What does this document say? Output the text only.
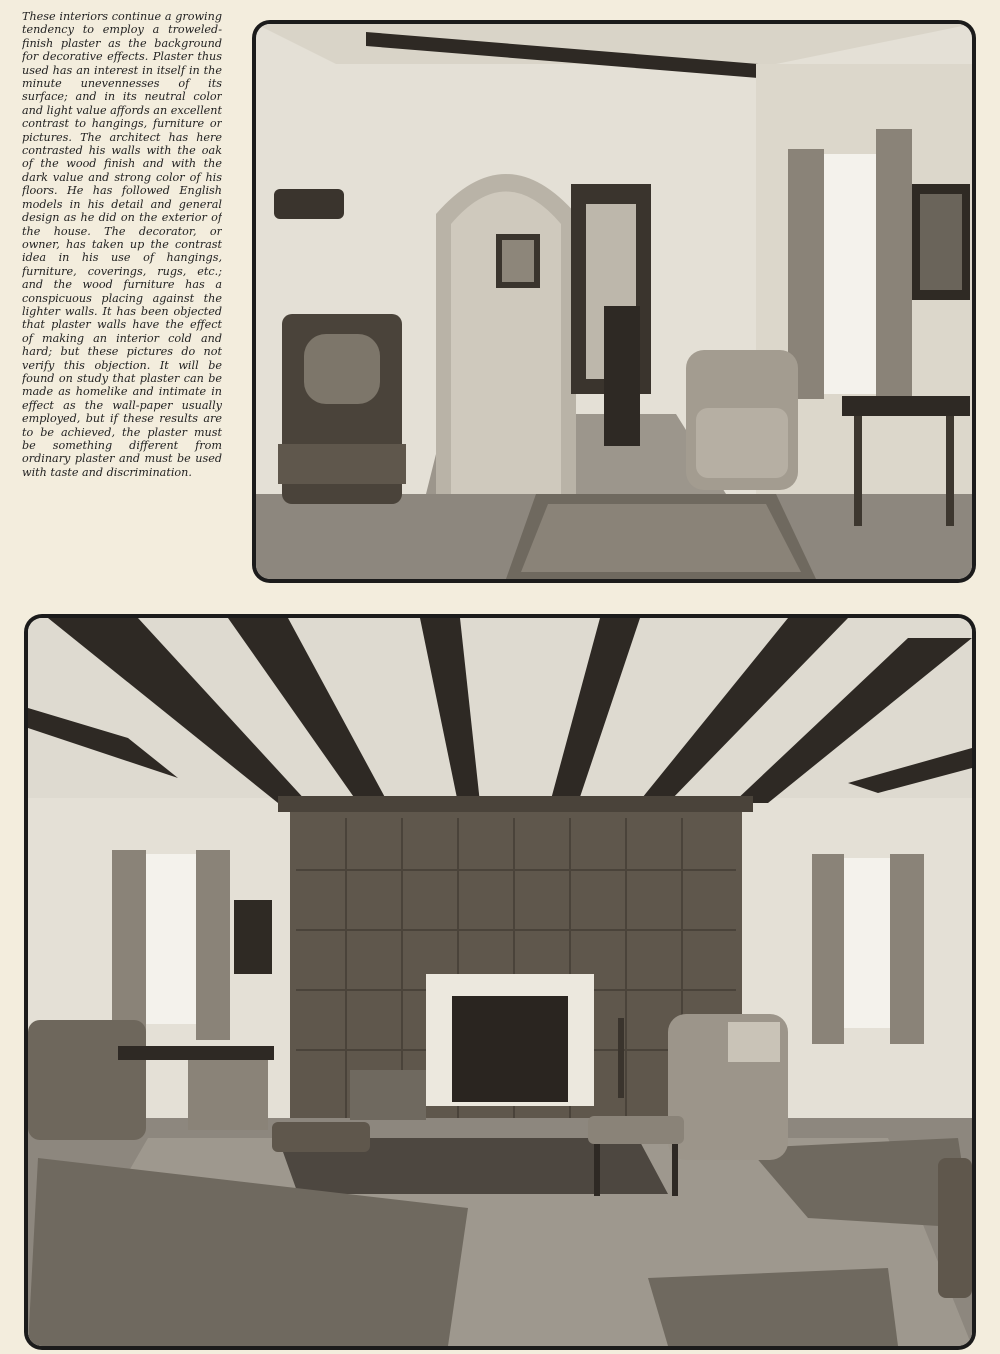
These interiors continue a growing tendency to employ a troweled-finish plaster as the background for decorative effects. Plaster thus used has an interest in itself in the minute unevennesses of its surface; and in its neutral color and light value affords an excellent contrast to hangings, furniture or pictures. The architect has here contrasted his walls with the oak of the wood finish and with the dark value and strong color of his floors. He has followed English models in his detail and general design as he did on the exterior of the house. The decorator, or owner, has taken up the contrast idea in his use of hangings, furniture, coverings, rugs, etc.; and the wood furniture has a conspicuous placing against the lighter walls. It has been objected that plaster walls have the effect of making an interior cold and hard; but these pictures do not verify this objection. It will be found on study that plaster can be made as homelike and intimate in effect as the wall-paper usually employed, but if these results are to be achieved, the plaster must be something different from ordinary plaster and must be used with taste and discrimination.
